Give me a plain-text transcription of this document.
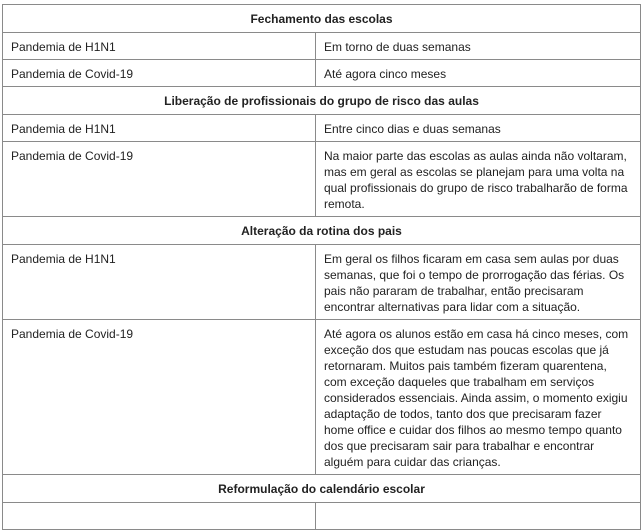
Fechamento das escolas	
Pandemia de H1N1	Em torno de duas semanas
Pandemia de Covid-19	Até agora cinco meses
Liberação de profissionais do grupo de risco das aulas	
Pandemia de H1N1	Entre cinco dias e duas semanas
Pandemia de Covid-19	Na maior parte das escolas as aulas ainda não voltaram, mas em geral as escolas se planejam para uma volta na qual profissionais do grupo de risco trabalharão de forma remota.
Alteração da rotina dos pais	
Pandemia de H1N1	Em geral os filhos ficaram em casa sem aulas por duas semanas, que foi o tempo de prorrogação das férias. Os pais não pararam de trabalhar, então precisaram encontrar alternativas para lidar com a situação.
Pandemia de Covid-19	Até agora os alunos estão em casa há cinco meses, com exceção dos que estudam nas poucas escolas que já retornaram. Muitos pais também fizeram quarentena, com exceção daqueles que trabalham em serviços considerados essenciais. Ainda assim, o momento exigiu adaptação de todos, tanto dos que precisaram fazer home office e cuidar dos filhos ao mesmo tempo quanto dos que precisaram sair para trabalhar e encontrar alguém para cuidar das crianças.
Reformulação do calendário escolar	
